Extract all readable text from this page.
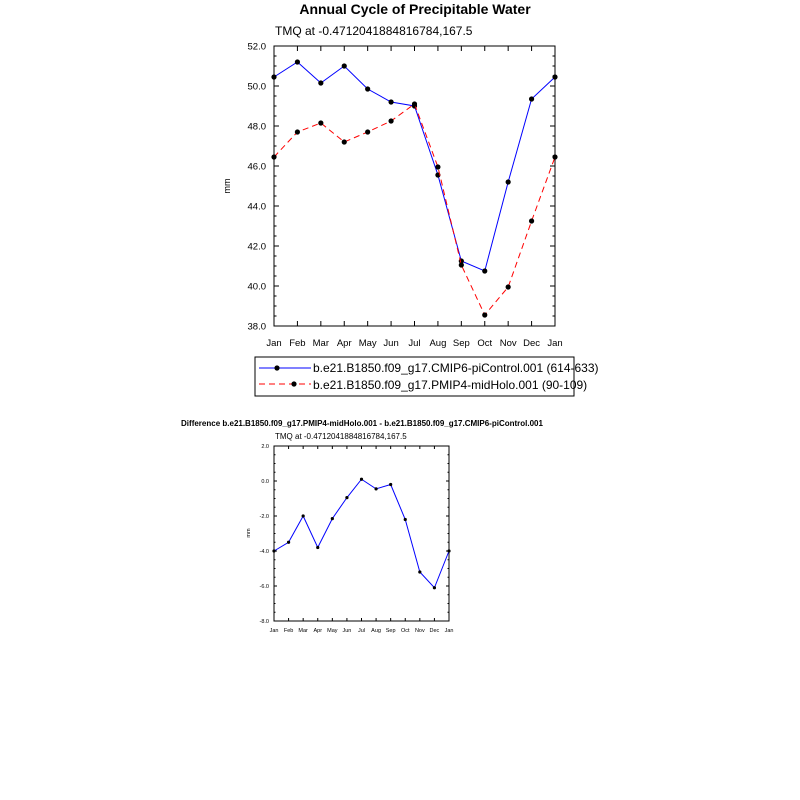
Annual Cycle of Precipitable Water
TMQ at -0.4712041884816784,167.5
mm
Jan Feb Mar Apr May Jun Jul Aug Sep Oct Nov Dec Jan
38.0
40.0
42.0
44.0
46.0
48.0
50.0
52.0
b.e21.B1850.f09_g17.CMIP6-piControl.001 (614-633)
b.e21.B1850.f09_g17.PMIP4-midHolo.001 (90-109)
Difference b.e21.B1850.f09_g17.PMIP4-midHolo.001 - b.e21.B1850.f09_g17.CMIP6-piControl.001
TMQ at -0.4712041884816784,167.5
mm
Jan Feb Mar Apr May Jun Jul Aug Sep Oct Nov Dec Jan
-8.0
-6.0
-4.0
-2.0
0.0
2.0
